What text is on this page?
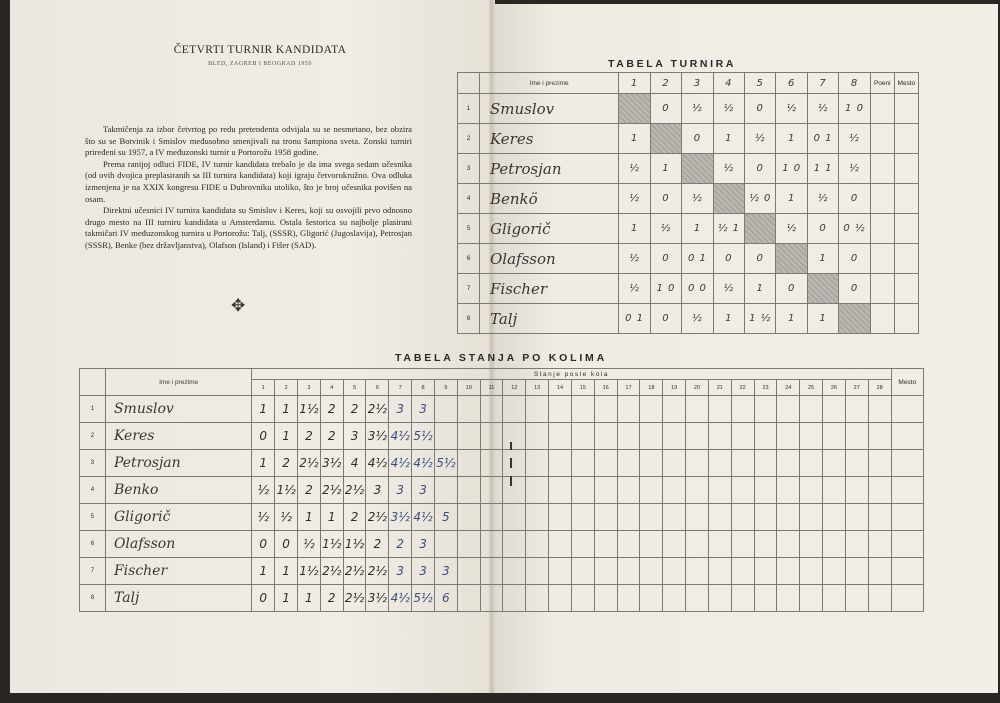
ČETVRTI TURNIR KANDIDATA
BLED, ZAGREB I BEOGRAD 1959

Takmičenja za izbor četvrtog po redu pretendenta odvijala su se nesmetano, bez obzira što su se Botvinik i Smislov međusobno smenjivali na tronu šampiona sveta. Zonski turniri priređeni su 1957, a IV međuzonski turnir u Portorožu 1958 godine.

Prema ranijoj odluci FIDE, IV turnir kandidata trebalo je da ima svega sedam učesnika (od ovih dvojica preplasiranih sa III turnira kandidata) koji igraju četvorokružno. Ova odluka izmenjena je na XXIX kongresu FIDE u Dubrovniku utoliko, što je broj učesnika povišen na osam.

Direktni učesnici IV turnira kandidata su Smislov i Keres, koji su osvojili prvo odnosno drugo mesto na III turniru kandidata u Amsterdamu. Ostala šestorica su najbolje plasirani takmičari IV međuzonskog turnira u Portorožu: Talj, (SSSR), Gligorić (Jugoslavija), Petrosjan (SSSR), Benke (bez državljanstva), Olafson (Island) i Fišer (SAD).

✥
TABELA TURNIRA
	Ime i prezime	1	2	3	4	5	6	7	8	Poeni	Mesto
1	Smuslov		0	½	½	0	½	½	1 0		
2	Keres	1		0	1	½	1	0 1	½		
3	Petrosjan	½	1		½	0	1 0	1 1	½		
4	Benkö	½	0	½		½ 0	1	½	0		
5	Gligorič	1	½	1	½ 1		½	0	0 ½		
6	Olafsson	½	0	0 1	0	0		1	0		
7	Fischer	½	1 0	0 0	½	1	0		0		
8	Talj	0 1	0	½	1	1 ½	1	1			
TABELA STANJA PO KOLIMA
	Ime i prezime	Stanje posle kola																												Mesto
		1	2	3	4	5	6	7	8	9	10	11	12	13	14	15	16	17	18	19	20	21	22	23	24	25	26	27	28	
1	Smuslov	1	1	1½	2	2	2½	3	3																					
2	Keres	0	1	2	2	3	3½	4½	5½																					
3	Petrosjan	1	2	2½	3½	4	4½	4½	4½	5½																				
4	Benko	½	1½	2	2½	2½	3	3	3																					
5	Gligorič	½	½	1	1	2	2½	3½	4½	5																				
6	Olafsson	0	0	½	1½	1½	2	2	3																					
7	Fischer	1	1	1½	2½	2½	2½	3	3	3																				
8	Talj	0	1	1	2	2½	3½	4½	5½	6																				
